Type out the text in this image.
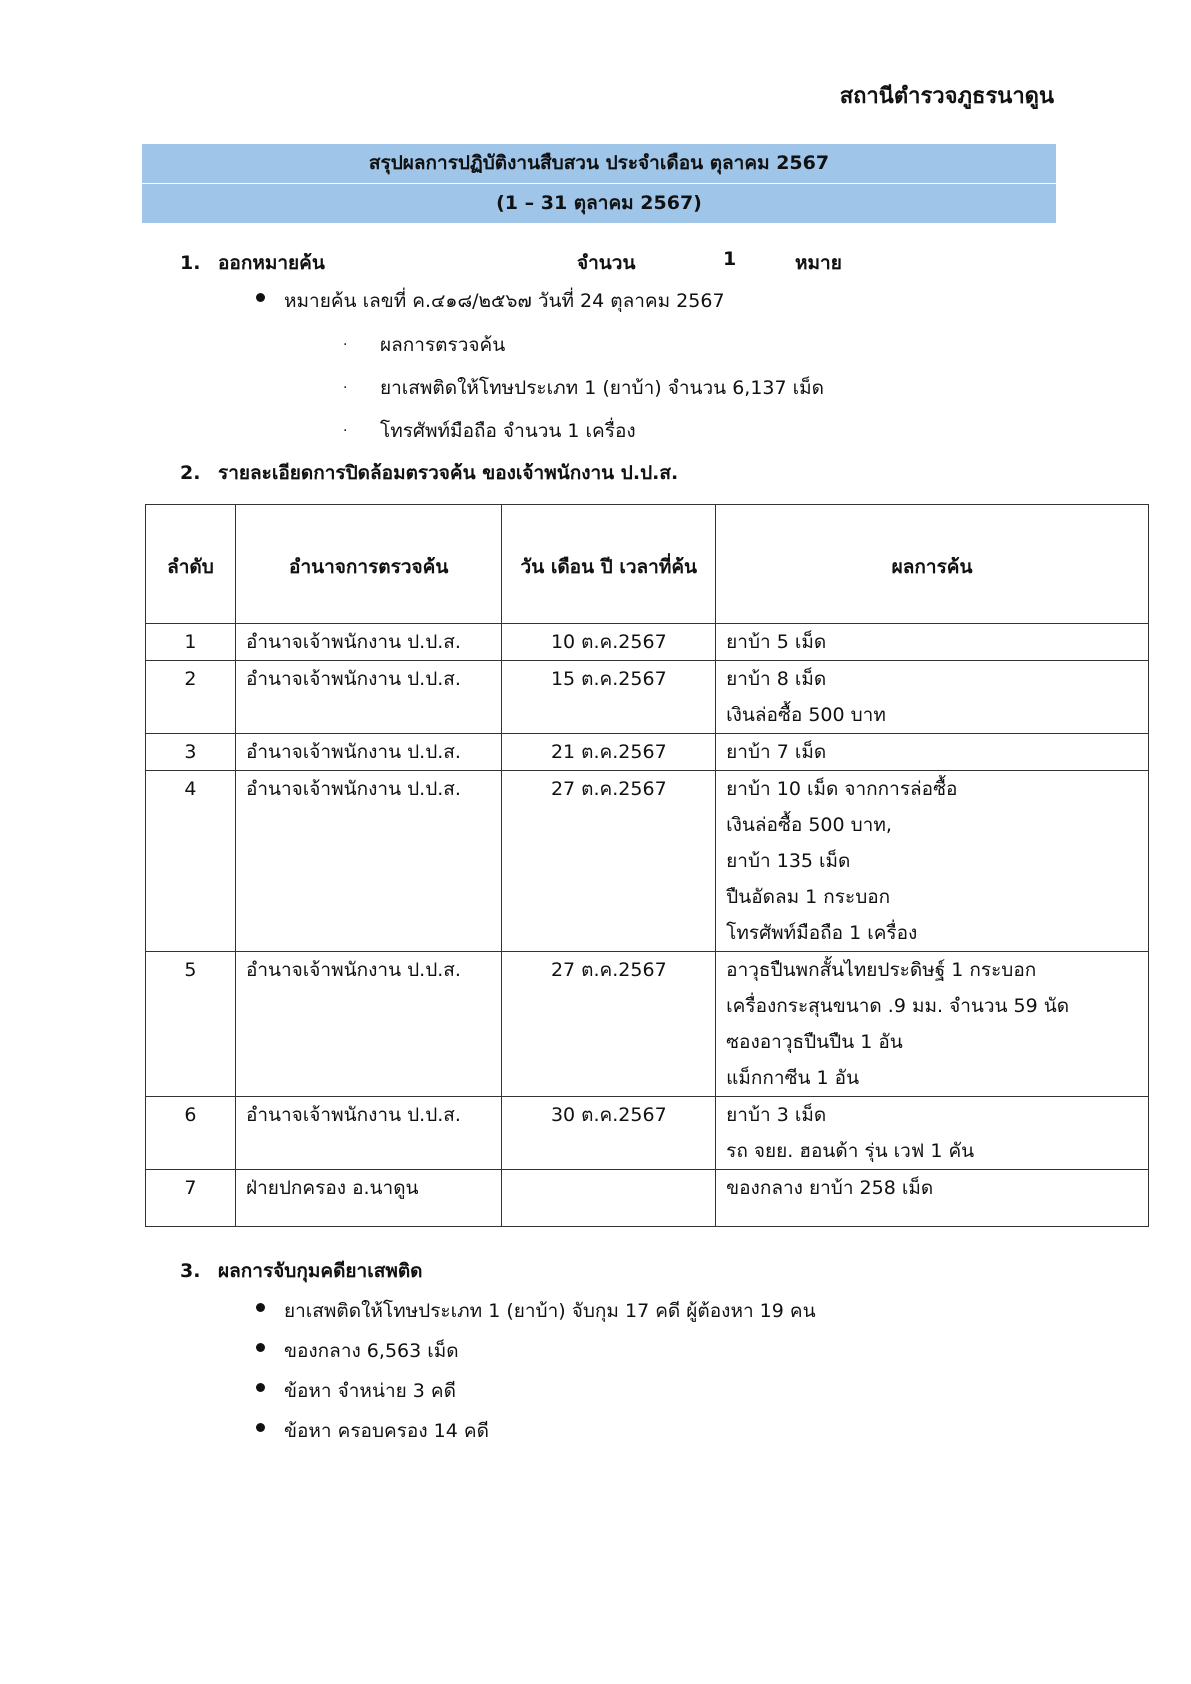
สถานีตำรวจภูธรนาดูน
สรุปผลการปฏิบัติงานสืบสวน ประจำเดือน ตุลาคม 2567
(1 – 31 ตุลาคม 2567)
1. ออกหมายค้น	จำนวน	1	หมาย
หมายค้น เลขที่ ค.๔๑๘/๒๕๖๗ วันที่ 24 ตุลาคม 2567
· ผลการตรวจค้น
· ยาเสพติดให้โทษประเภท 1 (ยาบ้า) จำนวน 6,137 เม็ด
· โทรศัพท์มือถือ จำนวน 1 เครื่อง
2. รายละเอียดการปิดล้อมตรวจค้น ของเจ้าพนักงาน ป.ป.ส.
ลำดับ	อำนาจการตรวจค้น	วัน เดือน ปี เวลาที่ค้น	ผลการค้น
1	อำนาจเจ้าพนักงาน ป.ป.ส.	10 ต.ค.2567	ยาบ้า 5 เม็ด

2	อำนาจเจ้าพนักงาน ป.ป.ส.	15 ต.ค.2567	ยาบ้า 8 เม็ด
เงินล่อซื้อ 500 บาท

3	อำนาจเจ้าพนักงาน ป.ป.ส.	21 ต.ค.2567	ยาบ้า 7 เม็ด

4	อำนาจเจ้าพนักงาน ป.ป.ส.	27 ต.ค.2567	ยาบ้า 10 เม็ด จากการล่อซื้อ
เงินล่อซื้อ 500 บาท,
ยาบ้า 135 เม็ด
ปืนอัดลม 1 กระบอก
โทรศัพท์มือถือ 1 เครื่อง

5	อำนาจเจ้าพนักงาน ป.ป.ส.	27 ต.ค.2567	อาวุธปืนพกสั้นไทยประดิษฐ์ 1 กระบอก
เครื่องกระสุนขนาด .9 มม. จำนวน 59 นัด
ซองอาวุธปืนปืน 1 อัน
แม็กกาซีน 1 อัน

6	อำนาจเจ้าพนักงาน ป.ป.ส.	30 ต.ค.2567	ยาบ้า 3 เม็ด
รถ จยย. ฮอนด้า รุ่น เวฟ 1 คัน

7	ฝ่ายปกครอง อ.นาดูน		ของกลาง ยาบ้า 258 เม็ด
3. ผลการจับกุมคดียาเสพติด
ยาเสพติดให้โทษประเภท 1 (ยาบ้า) จับกุม 17 คดี ผู้ต้องหา 19 คน
ของกลาง 6,563 เม็ด
ข้อหา จำหน่าย 3 คดี
ข้อหา ครอบครอง 14 คดี
